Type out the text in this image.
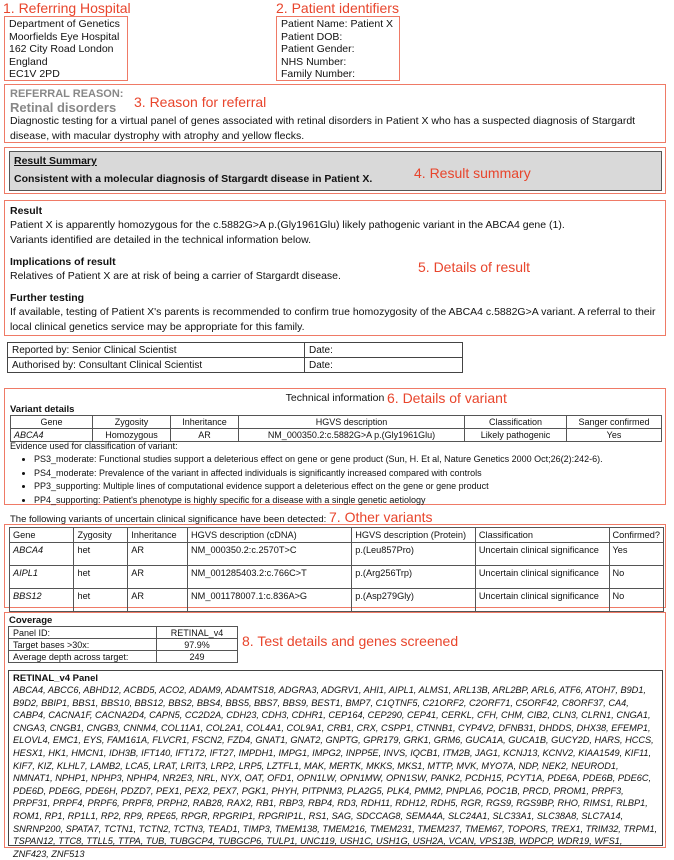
1. Referring Hospital
Department of Genetics
Moorfields Eye Hospital
162 City Road London
England
EC1V 2PD
2. Patient identifiers
Patient Name: Patient X
Patient DOB:
Patient Gender:
NHS Number:
Family Number:
REFERRAL REASON:
Retinal disorders 3. Reason for referral
Diagnostic testing for a virtual panel of genes associated with retinal disorders in Patient X who has a suspected diagnosis of Stargardt disease, with macular dystrophy with atrophy and yellow flecks.
Result Summary
Consistent with a molecular diagnosis of Stargardt disease in Patient X.	4. Result summary
Result
Patient X is apparently homozygous for the c.5882G>A p.(Gly1961Glu) likely pathogenic variant in the ABCA4 gene (1).
Variants identified are detailed in the technical information below.
Implications of result
Relatives of Patient X are at risk of being a carrier of Stargardt disease.
5. Details of result
Further testing
If available, testing of Patient X's parents is recommended to confirm true homozygosity of the ABCA4 c.5882G>A variant. A referral to their local clinical genetics service may be appropriate for this family.
Reported by: Senior Clinical Scientist	Date:
Authorised by: Consultant Clinical Scientist	Date:
Technical information 6. Details of variant
Variant details
Gene	Zygosity	Inheritance	HGVS description	Classification	Sanger confirmed
ABCA4	Homozygous	AR	NM_000350.2:c.5882G>A p.(Gly1961Glu)	Likely pathogenic	Yes
Evidence used for classification of variant:
• PS3_moderate: Functional studies support a deleterious effect on gene or gene product (Sun, H. Et al, Nature Genetics 2000 Oct;26(2):242-6).
• PS4_moderate: Prevalence of the variant in affected individuals is significantly increased compared with controls
• PP3_supporting: Multiple lines of computational evidence support a deleterious effect on the gene or gene product
• PP4_supporting: Patient's phenotype is highly specific for a disease with a single genetic aetiology
The following variants of uncertain clinical significance have been detected: 7. Other variants
Gene	Zygosity	Inheritance	HGVS description (cDNA)	HGVS description (Protein)	Classification	Confirmed?
ABCA4	het	AR	NM_000350.2:c.2570T>C	p.(Leu857Pro)	Uncertain clinical significance	Yes
AIPL1	het	AR	NM_001285403.2:c.766C>T	p.(Arg256Trp)	Uncertain clinical significance	No
BBS12	het	AR	NM_001178007.1:c.836A>G	p.(Asp279Gly)	Uncertain clinical significance	No
Coverage
Panel ID:	RETINAL_v4
Target bases >30x:	97.9%
Average depth across target:	249
8. Test details and genes screened
RETINAL_v4 Panel
ABCA4, ABCC6, ABHD12, ACBD5, ACO2, ADAM9, ADAMTS18, ADGRA3, ADGRV1, AHI1, AIPL1, ALMS1, ARL13B, ARL2BP, ARL6, ATF6, ATOH7, B9D1, B9D2, BBIP1, BBS1, BBS10, BBS12, BBS2, BBS4, BBS5, BBS7, BBS9, BEST1, BMP7, C1QTNF5, C21ORF2, C2ORF71, C5ORF42, C8ORF37, CA4, CABP4, CACNA1F, CACNA2D4, CAPN5, CC2D2A, CDH23, CDH3, CDHR1, CEP164, CEP290, CEP41, CERKL, CFH, CHM, CIB2, CLN3, CLRN1, CNGA1, CNGA3, CNGB1, CNGB3, CNNM4, COL11A1, COL2A1, COL4A1, COL9A1, CRB1, CRX, CSPP1, CTNNB1, CYP4V2, DFNB31, DHDDS, DHX38, EFEMP1, ELOVL4, EMC1, EYS, FAM161A, FLVCR1, FSCN2, FZD4, GNAT1, GNAT2, GNPTG, GPR179, GRK1, GRM6, GUCA1A, GUCA1B, GUCY2D, HARS, HCCS, HESX1, HK1, HMCN1, IDH3B, IFT140, IFT172, IFT27, IMPDH1, IMPG1, IMPG2, INPP5E, INVS, IQCB1, ITM2B, JAG1, KCNJ13, KCNV2, KIAA1549, KIF11, KIF7, KIZ, KLHL7, LAMB2, LCA5, LRAT, LRIT3, LRP2, LRP5, LZTFL1, MAK, MERTK, MKKS, MKS1, MTTP, MVK, MYO7A, NDP, NEK2, NEUROD1, NMNAT1, NPHP1, NPHP3, NPHP4, NR2E3, NRL, NYX, OAT, OFD1, OPN1LW, OPN1MW, OPN1SW, PANK2, PCDH15, PCYT1A, PDE6A, PDE6B, PDE6C, PDE6D, PDE6G, PDE6H, PDZD7, PEX1, PEX2, PEX7, PGK1, PHYH, PITPNM3, PLA2G5, PLK4, PMM2, PNPLA6, POC1B, PRCD, PROM1, PRPF3, PRPF31, PRPF4, PRPF6, PRPF8, PRPH2, RAB28, RAX2, RB1, RBP3, RBP4, RD3, RDH11, RDH12, RDH5, RGR, RGS9, RGS9BP, RHO, RIMS1, RLBP1, ROM1, RP1, RP1L1, RP2, RP9, RPE65, RPGR, RPGRIP1, RPGRIP1L, RS1, SAG, SDCCAG8, SEMA4A, SLC24A1, SLC33A1, SLC38A8, SLC7A14, SNRNP200, SPATA7, TCTN1, TCTN2, TCTN3, TEAD1, TIMP3, TMEM138, TMEM216, TMEM231, TMEM237, TMEM67, TOPORS, TREX1, TRIM32, TRPM1, TSPAN12, TTC8, TTLL5, TTPA, TUB, TUBGCP4, TUBGCP6, TULP1, UNC119, USH1C, USH1G, USH2A, VCAN, VPS13B, WDPCP, WDR19, WFS1, ZNF423, ZNF513
